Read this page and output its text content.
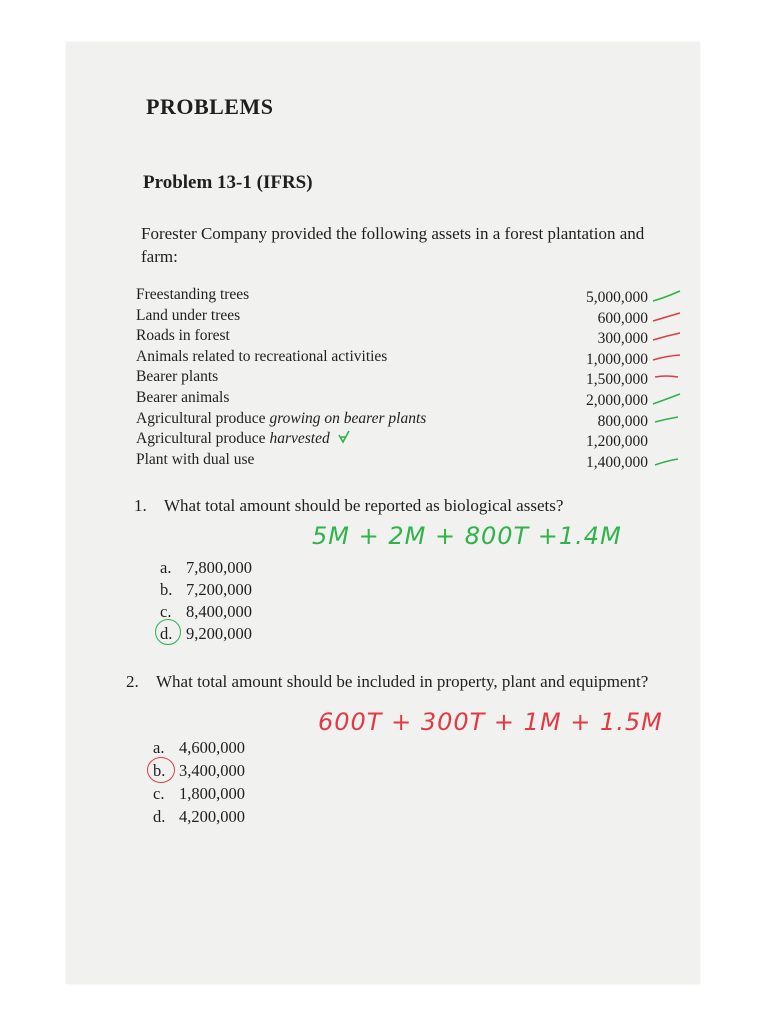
PROBLEMS
Problem 13-1 (IFRS)
Forester Company provided the following assets in a forest plantation and farm:
Freestanding trees	5,000,000
Land under trees	600,000
Roads in forest	300,000
Animals related to recreational activities	1,000,000
Bearer plants	1,500,000
Bearer animals	2,000,000
Agricultural produce growing on bearer plants	800,000
Agricultural produce harvested	1,200,000
Plant with dual use	1,400,000
1. What total amount should be reported as biological assets?
5M + 2M + 800T +1.4M
a. 7,800,000
b. 7,200,000
c. 8,400,000
d. 9,200,000
2. What total amount should be included in property, plant and equipment?
600T + 300T + 1M + 1.5M
a. 4,600,000
b. 3,400,000
c. 1,800,000
d. 4,200,000
